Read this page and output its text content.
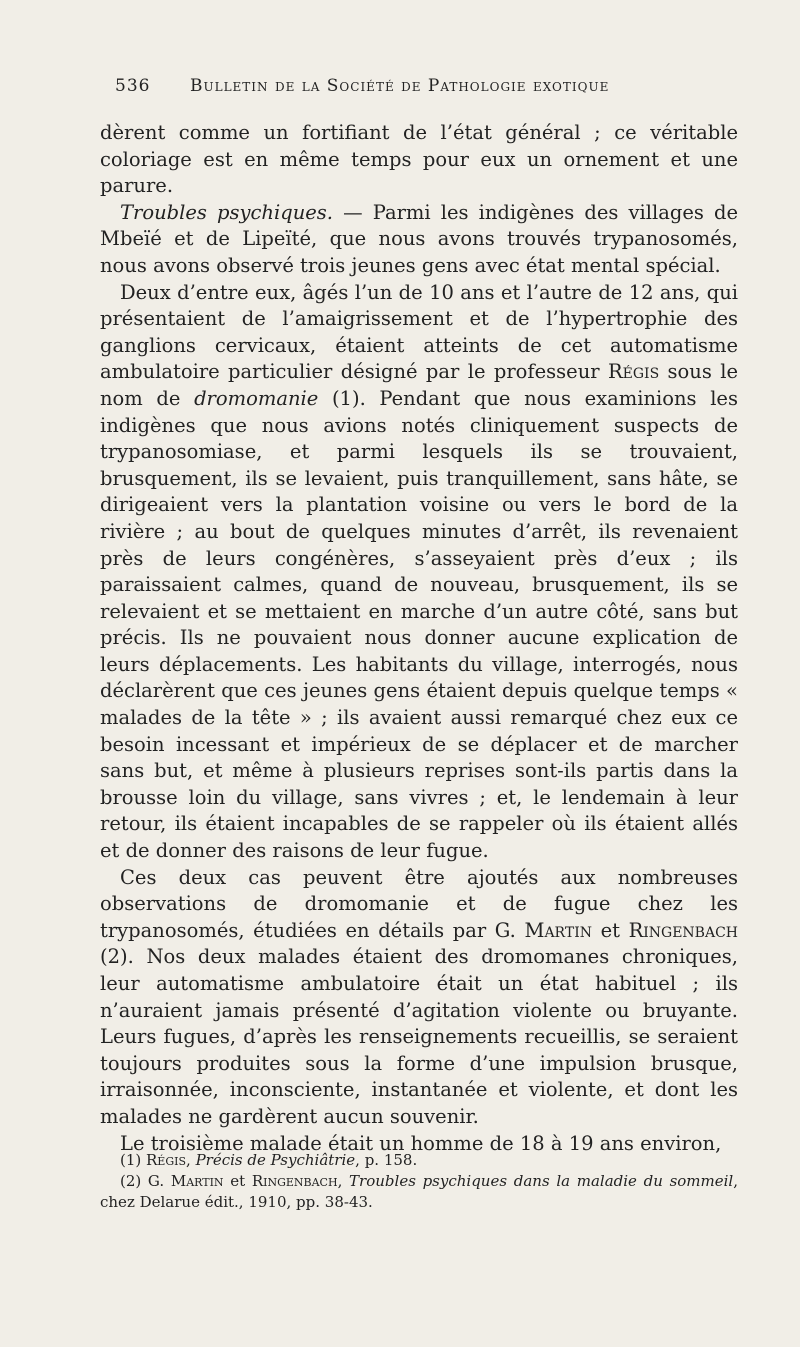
536 Bulletin de la Société de Pathologie exotique

dèrent comme un fortifiant de l’état général ; ce véritable coloriage est en même temps pour eux un ornement et une parure.

Troubles psychiques. — Parmi les indigènes des villages de Mbeïé et de Lipeïté, que nous avons trouvés trypanosomés, nous avons observé trois jeunes gens avec état mental spécial.

Deux d’entre eux, âgés l’un de 10 ans et l’autre de 12 ans, qui présentaient de l’amaigrissement et de l’hypertrophie des ganglions cervicaux, étaient atteints de cet automatisme ambulatoire particulier désigné par le professeur Régis sous le nom de dromomanie (1). Pendant que nous examinions les indigènes que nous avions notés cliniquement suspects de trypanosomiase, et parmi lesquels ils se trouvaient, brusquement, ils se levaient, puis tranquillement, sans hâte, se dirigeaient vers la plantation voisine ou vers le bord de la rivière ; au bout de quelques minutes d’arrêt, ils revenaient près de leurs congénères, s’asseyaient près d’eux ; ils paraissaient calmes, quand de nouveau, brusquement, ils se relevaient et se mettaient en marche d’un autre côté, sans but précis. Ils ne pouvaient nous donner aucune explication de leurs déplacements. Les habitants du village, interrogés, nous déclarèrent que ces jeunes gens étaient depuis quelque temps « malades de la tête » ; ils avaient aussi remarqué chez eux ce besoin incessant et impérieux de se déplacer et de marcher sans but, et même à plusieurs reprises sont-ils partis dans la brousse loin du village, sans vivres ; et, le lendemain à leur retour, ils étaient incapables de se rappeler où ils étaient allés et de donner des raisons de leur fugue.

Ces deux cas peuvent être ajoutés aux nombreuses observations de dromomanie et de fugue chez les trypanosomés, étudiées en détails par G. Martin et Ringenbach (2). Nos deux malades étaient des dromomanes chroniques, leur automatisme ambulatoire était un état habituel ; ils n’auraient jamais présenté d’agitation violente ou bruyante. Leurs fugues, d’après les renseignements recueillis, se seraient toujours produites sous la forme d’une impulsion brusque, irraisonnée, inconsciente, instantanée et violente, et dont les malades ne gardèrent aucun souvenir.

Le troisième malade était un homme de 18 à 19 ans environ,

(1) Régis, Précis de Psychiâtrie, p. 158.

(2) G. Martin et Ringenbach, Troubles psychiques dans la maladie du sommeil, chez Delarue édit., 1910, pp. 38-43.
